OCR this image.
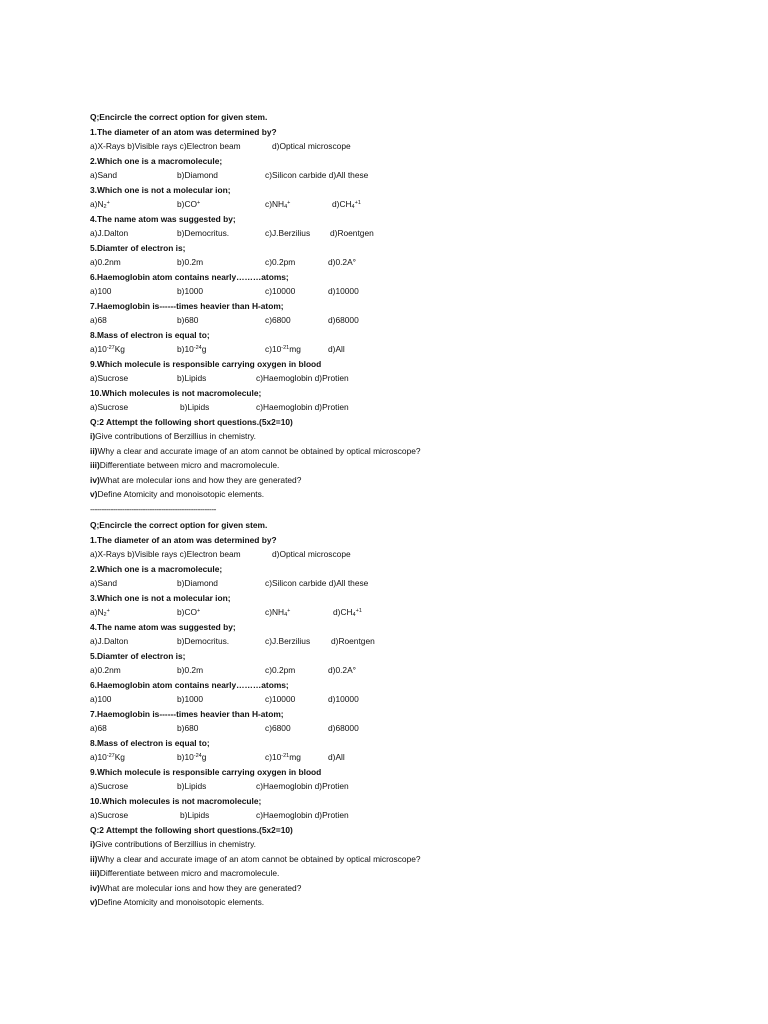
Q;Encircle the correct option for given stem.
1.The diameter of an atom was determined by?
a)X-Rays b)Visible rays c)Electron beam	d)Optical microscope
2.Which one is a macromolecule;
a)Sand	b)Diamond	c)Silicon carbide d)All these
3.Which one is not a molecular ion;
$a)N_2^+$	b)CO+	$c)NH_4^+$	$d)CH_4^{+1}$
4.The name atom was suggested by;
a)J.Dalton	b)Democritus.	c)J.Berzilius d)Roentgen
5.Diamter of electron is;
a)0.2nm	b)0.2m	c)0.2pm	d)0.2A°
6.Haemoglobin atom contains nearly………atoms;
a)100	b)1000	c)10000	d)10000
7.Haemoglobin is------times heavier than H-atom;
a)68	b)680	c)6800	d)68000
8.Mass of electron is equal to;
$a)10^{-27}Kg$	$b)10^{-24}g$	$c)10^{-21}mg$	d)All
9.Which molecule is responsible carrying oxygen in blood
a)Sucrose	b)Lipids	c)Haemoglobin d)Protien
10.Which molecules is not macromolecule;
a)Sucrose	b)Lipids	c)Haemoglobin d)Protien
Q:2 Attempt the following short questions.(5x2=10)
i)Give contributions of Berzillius in chemistry.
ii)Why a clear and accurate image of an atom cannot be obtained by optical microscope?
iii)Differentiate between micro and macromolecule.
iv)What are molecular ions and how they are generated?
v)Define Atomicity and monoisotopic elements.
-------------------------------------------------------
Q;Encircle the correct option for given stem.
1.The diameter of an atom was determined by?
a)X-Rays b)Visible rays c)Electron beam	d)Optical microscope
2.Which one is a macromolecule;
a)Sand	b)Diamond	c)Silicon carbide d)All these
3.Which one is not a molecular ion;
$a)N_2^+$	b)CO+	$c)NH_4^+$	$d)CH_4^{+1}$
4.The name atom was suggested by;
a)J.Dalton	b)Democritus.	c)J.Berzilius d)Roentgen
5.Diamter of electron is;
a)0.2nm	b)0.2m	c)0.2pm	d)0.2A°
6.Haemoglobin atom contains nearly………atoms;
a)100	b)1000	c)10000	d)10000
7.Haemoglobin is------times heavier than H-atom;
a)68	b)680	c)6800	d)68000
8.Mass of electron is equal to;
$a)10^{-27}Kg$	$b)10^{-24}g$	$c)10^{-21}mg$	d)All
9.Which molecule is responsible carrying oxygen in blood
a)Sucrose	b)Lipids	c)Haemoglobin d)Protien
10.Which molecules is not macromolecule;
a)Sucrose	b)Lipids	c)Haemoglobin d)Protien
Q:2 Attempt the following short questions.(5x2=10)
i)Give contributions of Berzillius in chemistry.
ii)Why a clear and accurate image of an atom cannot be obtained by optical microscope?
iii)Differentiate between micro and macromolecule.
iv)What are molecular ions and how they are generated?
v)Define Atomicity and monoisotopic elements.
